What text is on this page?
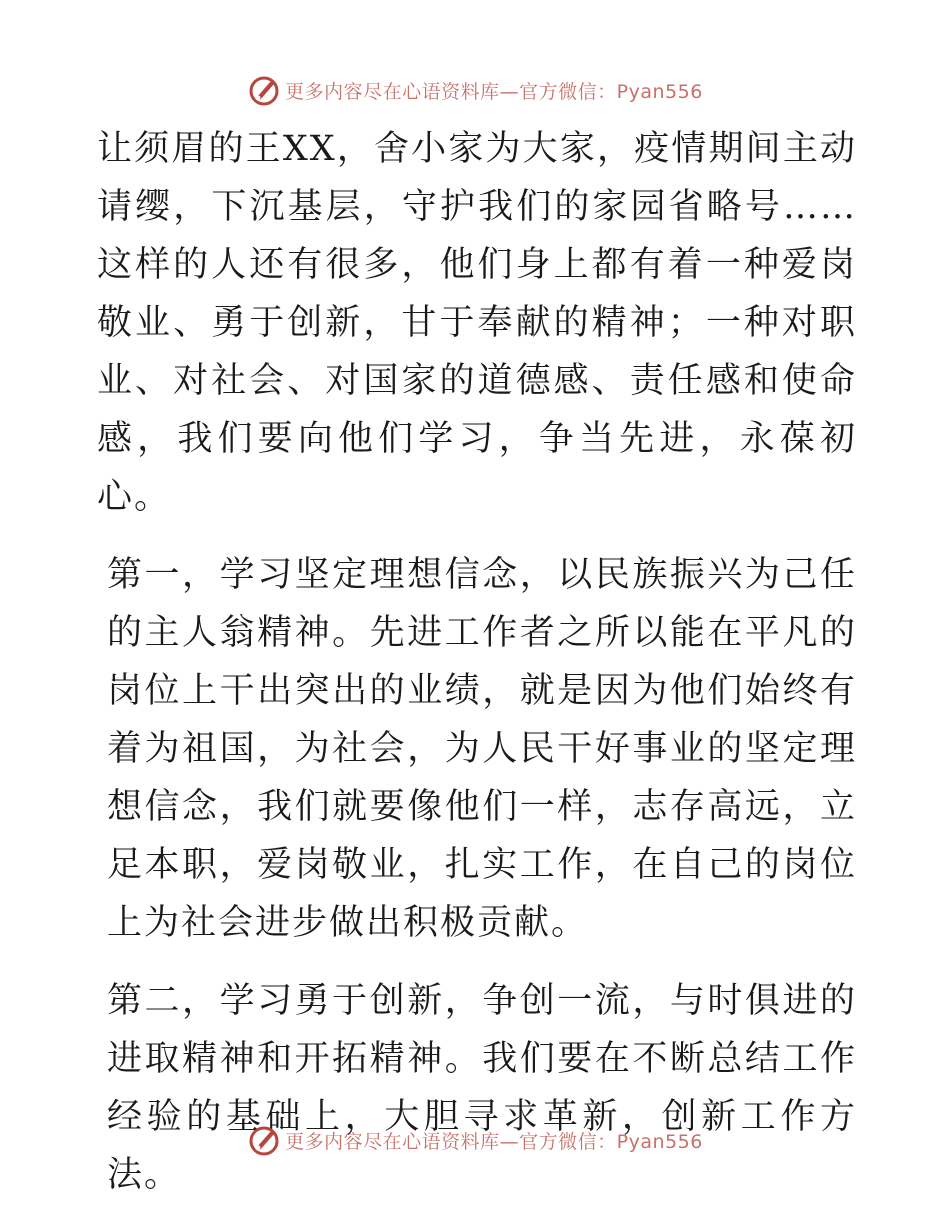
更多内容尽在心语资料库—官方微信：Pyan556

让须眉的王XX，舍小家为大家，疫情期间主动请缨，下沉基层，守护我们的家园省略号……这样的人还有很多，他们身上都有着一种爱岗敬业、勇于创新，甘于奉献的精神；一种对职业、对社会、对国家的道德感、责任感和使命感，我们要向他们学习，争当先进，永葆初心。

第一，学习坚定理想信念，以民族振兴为己任的主人翁精神。先进工作者之所以能在平凡的岗位上干出突出的业绩，就是因为他们始终有着为祖国，为社会，为人民干好事业的坚定理想信念，我们就要像他们一样，志存高远，立足本职，爱岗敬业，扎实工作，在自己的岗位上为社会进步做出积极贡献。

第二，学习勇于创新，争创一流，与时俱进的进取精神和开拓精神。我们要在不断总结工作经验的基础上，大胆寻求革新，创新工作方法。

更多内容尽在心语资料库—官方微信：Pyan556
